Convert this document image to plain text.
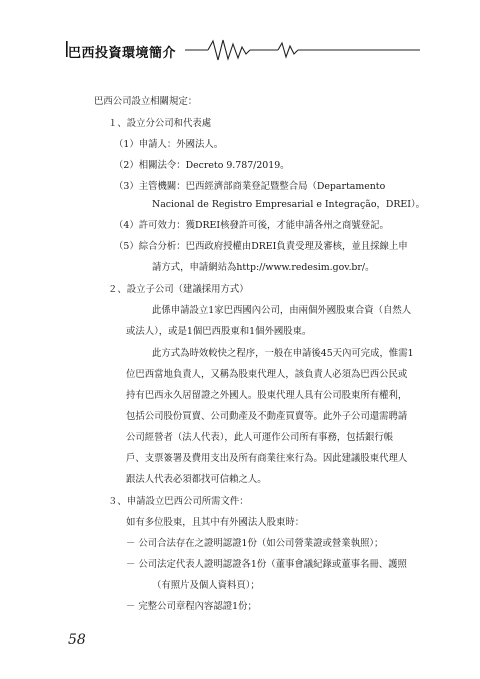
巴西投資環境簡介
巴西公司設立相關規定：
１、設立分公司和代表處
（1）申請人：外國法人。
（2）相關法令：Decreto 9.787/2019。
（3）主管機關：巴西經濟部商業登記暨整合局（Departamento
Nacional de Registro Empresarial e Integração，DREI）。
（4）許可效力：獲DREI核發許可後，才能申請各州之商號登記。
（5）綜合分析：巴西政府授權由DREI負責受理及審核，並且採線上申
請方式，申請網站為http://www.redesim.gov.br/。
２、設立子公司（建議採用方式）
此係申請設立1家巴西國內公司，由兩個外國股東合資（自然人
或法人），或是1個巴西股東和1個外國股東。
此方式為時效較快之程序，一般在申請後45天內可完成，惟需1
位巴西當地負責人，又稱為股東代理人，該負責人必須為巴西公民或
持有巴西永久居留證之外國人。股東代理人具有公司股東所有權利，
包括公司股份買賣、公司動產及不動產買賣等。此外子公司還需聘請
公司經營者（法人代表），此人可運作公司所有事務，包括銀行帳
戶、支票簽署及費用支出及所有商業往來行為。因此建議股東代理人
跟法人代表必須都找可信賴之人。
３、申請設立巴西公司所需文件：
如有多位股東，且其中有外國法人股東時：
－ 公司合法存在之證明認證1份（如公司營業證或營業執照）；
－ 公司法定代表人證明認證各1份（董事會議紀錄或董事名冊、護照
（有照片及個人資料頁）；
－ 完整公司章程內容認證1份；
58
